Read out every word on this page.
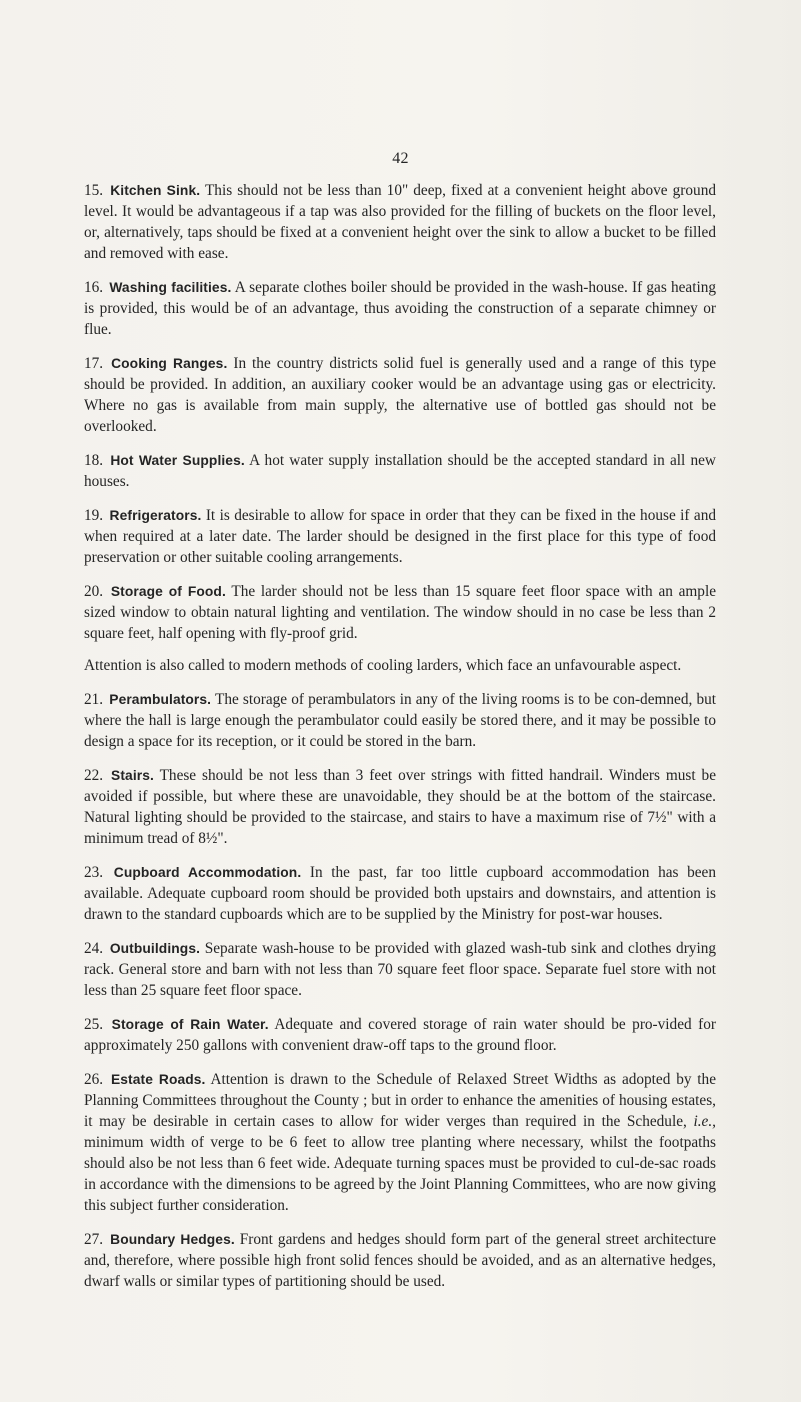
42

15. Kitchen Sink. This should not be less than 10" deep, fixed at a convenient height above ground level. It would be advantageous if a tap was also provided for the filling of buckets on the floor level, or, alternatively, taps should be fixed at a convenient height over the sink to allow a bucket to be filled and removed with ease.

16. Washing facilities. A separate clothes boiler should be provided in the wash-house. If gas heating is provided, this would be of an advantage, thus avoiding the construction of a separate chimney or flue.

17. Cooking Ranges. In the country districts solid fuel is generally used and a range of this type should be provided. In addition, an auxiliary cooker would be an advantage using gas or electricity. Where no gas is available from main supply, the alternative use of bottled gas should not be overlooked.

18. Hot Water Supplies. A hot water supply installation should be the accepted standard in all new houses.

19. Refrigerators. It is desirable to allow for space in order that they can be fixed in the house if and when required at a later date. The larder should be designed in the first place for this type of food preservation or other suitable cooling arrangements.

20. Storage of Food. The larder should not be less than 15 square feet floor space with an ample sized window to obtain natural lighting and ventilation. The window should in no case be less than 2 square feet, half opening with fly-proof grid.

Attention is also called to modern methods of cooling larders, which face an unfavourable aspect.

21. Perambulators. The storage of perambulators in any of the living rooms is to be con-demned, but where the hall is large enough the perambulator could easily be stored there, and it may be possible to design a space for its reception, or it could be stored in the barn.

22. Stairs. These should be not less than 3 feet over strings with fitted handrail. Winders must be avoided if possible, but where these are unavoidable, they should be at the bottom of the staircase. Natural lighting should be provided to the staircase, and stairs to have a maximum rise of 7½" with a minimum tread of 8½".

23. Cupboard Accommodation. In the past, far too little cupboard accommodation has been available. Adequate cupboard room should be provided both upstairs and downstairs, and attention is drawn to the standard cupboards which are to be supplied by the Ministry for post-war houses.

24. Outbuildings. Separate wash-house to be provided with glazed wash-tub sink and clothes drying rack. General store and barn with not less than 70 square feet floor space. Separate fuel store with not less than 25 square feet floor space.

25. Storage of Rain Water. Adequate and covered storage of rain water should be pro-vided for approximately 250 gallons with convenient draw-off taps to the ground floor.

26. Estate Roads. Attention is drawn to the Schedule of Relaxed Street Widths as adopted by the Planning Committees throughout the County ; but in order to enhance the amenities of housing estates, it may be desirable in certain cases to allow for wider verges than required in the Schedule, i.e., minimum width of verge to be 6 feet to allow tree planting where necessary, whilst the footpaths should also be not less than 6 feet wide. Adequate turning spaces must be provided to cul-de-sac roads in accordance with the dimensions to be agreed by the Joint Planning Committees, who are now giving this subject further consideration.

27. Boundary Hedges. Front gardens and hedges should form part of the general street architecture and, therefore, where possible high front solid fences should be avoided, and as an alternative hedges, dwarf walls or similar types of partitioning should be used.
